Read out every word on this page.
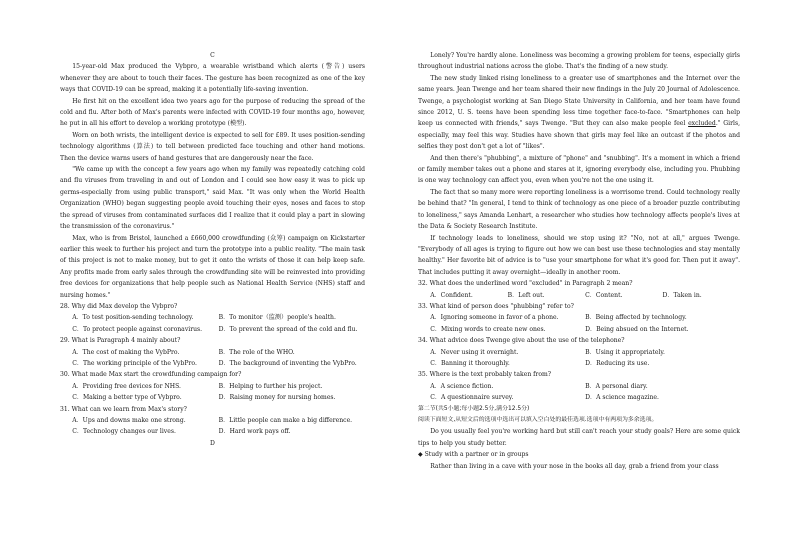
C

15-year-old Max produced the Vybpro, a wearable wristband which alerts (警告) users whenever they are about to touch their faces. The gesture has been recognized as one of the key ways that COVID-19 can be spread, making it a potentially life-saving invention.

He first hit on the excellent idea two years ago for the purpose of reducing the spread of the cold and flu. After both of Max's parents were infected with COVID-19 four months ago, however, he put in all his effort to develop a working prototype (模型).

Worn on both wrists, the intelligent device is expected to sell for £89. It uses position-sending technology algorithms (算法) to tell between predicted face touching and other hand motions. Then the device warns users of hand gestures that are dangerously near the face.

"We came up with the concept a few years ago when my family was repeatedly catching cold and flu viruses from traveling in and out of London and I could see how easy it was to pick up germs-especially from using public transport," said Max. "It was only when the World Health Organization (WHO) began suggesting people avoid touching their eyes, noses and faces to stop the spread of viruses from contaminated surfaces did I realize that it could play a part in slowing the transmission of the coronavirus."

Max, who is from Bristol, launched a £660,000 crowdfunding (众筹) campaign on Kickstarter earlier this week to further his project and turn the prototype into a public reality. "The main task of this project is not to make money, but to get it onto the wrists of those it can help keep safe. Any profits made from early sales through the crowdfunding site will be reinvested into providing free devices for organizations that help people such as National Health Service (NHS) staff and nursing homes."

28. Why did Max develop the Vybpro?

A．To test position-sending technology.	B．To monitor（监测）people's health.
C．To protect people against coronavirus.	D．To prevent the spread of the cold and flu.

29. What is Paragraph 4 mainly about?

A．The cost of making the VybPro.	B．The role of the WHO.
C．The working principle of the VybPro.	D．The background of inventing the VybPro.

30. What made Max start the crowdfunding campaign for?

A．Providing free devices for NHS.	B．Helping to further his project.
C．Making a better type of Vybpro.	D．Raising money for nursing homes.

31. What can we learn from Max's story?

A．Ups and downs make one strong.	B．Little people can make a big difference.
C．Technology changes our lives.	D．Hard work pays off.

D

Lonely? You're hardly alone. Loneliness was becoming a growing problem for teens, especially girls throughout industrial nations across the globe. That's the finding of a new study.

The new study linked rising loneliness to a greater use of smartphones and the Internet over the same years. Jean Twenge and her team shared their new findings in the July 20 Journal of Adolescence. Twenge, a psychologist working at San Diego State University in California, and her team have found since 2012, U. S. teens have been spending less time together face-to-face. "Smartphones can help keep us connected with friends," says Twenge. "But they can also make people feel excluded." Girls, especially, may feel this way. Studies have shown that girls may feel like an outcast if the photos and selfies they post don't get a lot of "likes".

And then there's "phubbing", a mixture of "phone" and "snubbing". It's a moment in which a friend or family member takes out a phone and stares at it, ignoring everybody else, including you. Phubbing is one way technology can affect you, even when you're not the one using it.

The fact that so many more were reporting loneliness is a worrisome trend. Could technology really be behind that? "In general, I tend to think of technology as one piece of a broader puzzle contributing to loneliness," says Amanda Lenhart, a researcher who studies how technology affects people's lives at the Data & Society Research Institute.

If technology leads to loneliness, should we stop using it? "No, not at all," argues Twenge. "Everybody of all ages is trying to figure out how we can best use these technologies and stay mentally healthy." Her favorite bit of advice is to "use your smartphone for what it's good for. Then put it away". That includes putting it away overnight—ideally in another room.

32. What does the underlined word "excluded" in Paragraph 2 mean?

A．Confident.	B．Left out.	C．Content.	D．Taken in.

33. What kind of person does "phubbing" refer to?

A．Ignoring someone in favor of a phone.	B．Being affected by technology.
C．Mixing words to create new ones.	D．Being absued on the Internet.

34. What advice does Twenge give about the use of the telephone?

A．Never using it overnight.	B．Using it appropriately.
C．Banning it thoroughly.	D．Reducing its use.

35. Where is the text probably taken from?

A．A science fiction.	B．A personal diary.
C．A questionnaire survey.	D．A science magazine.

第二节(共5小题;每小题2.5分,满分12.5分)

阅读下面短文,从短文后的选项中选出可以填入空白处的最佳选项.选项中有两项为多余选项。

Do you usually feel you're working hard but still can't reach your study goals? Here are some quick tips to help you study better.

◆ Study with a partner or in groups

Rather than living in a cave with your nose in the books all day, grab a friend from your class
